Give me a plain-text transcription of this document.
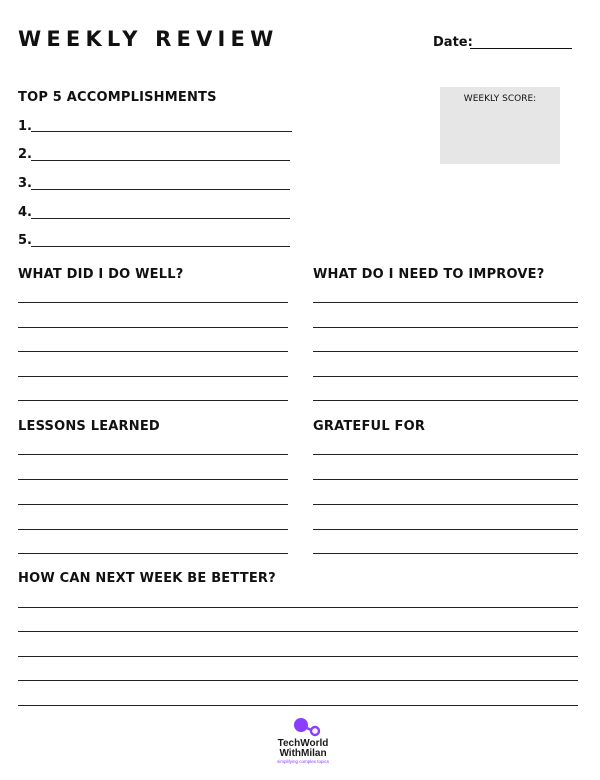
WEEKLY REVIEW	Date:
WEEKLY SCORE:
TOP 5 ACCOMPLISHMENTS
1.
2.
3.
4.
5.
WHAT DID I DO WELL?	WHAT DO I NEED TO IMPROVE?
LESSONS LEARNED	GRATEFUL FOR
HOW CAN NEXT WEEK BE BETTER?
TechWorld
WithMilan
simplifying complex topics
